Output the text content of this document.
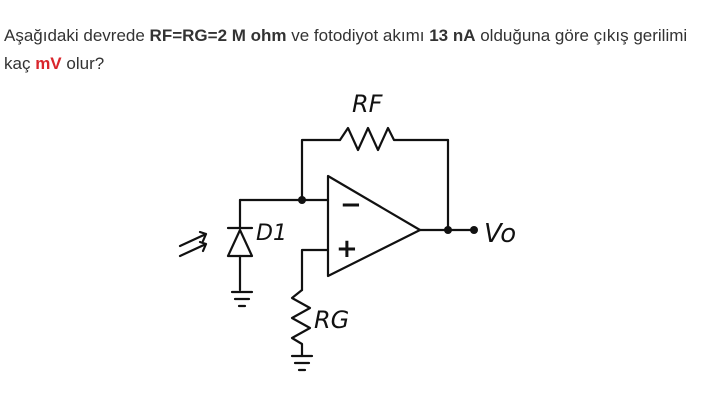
Aşağıdaki devrede RF=RG=2 M ohm ve fotodiyot akımı 13 nA olduğuna göre çıkış gerilimi kaç mV olur?
−
+
RF
RG
D1	Vo
